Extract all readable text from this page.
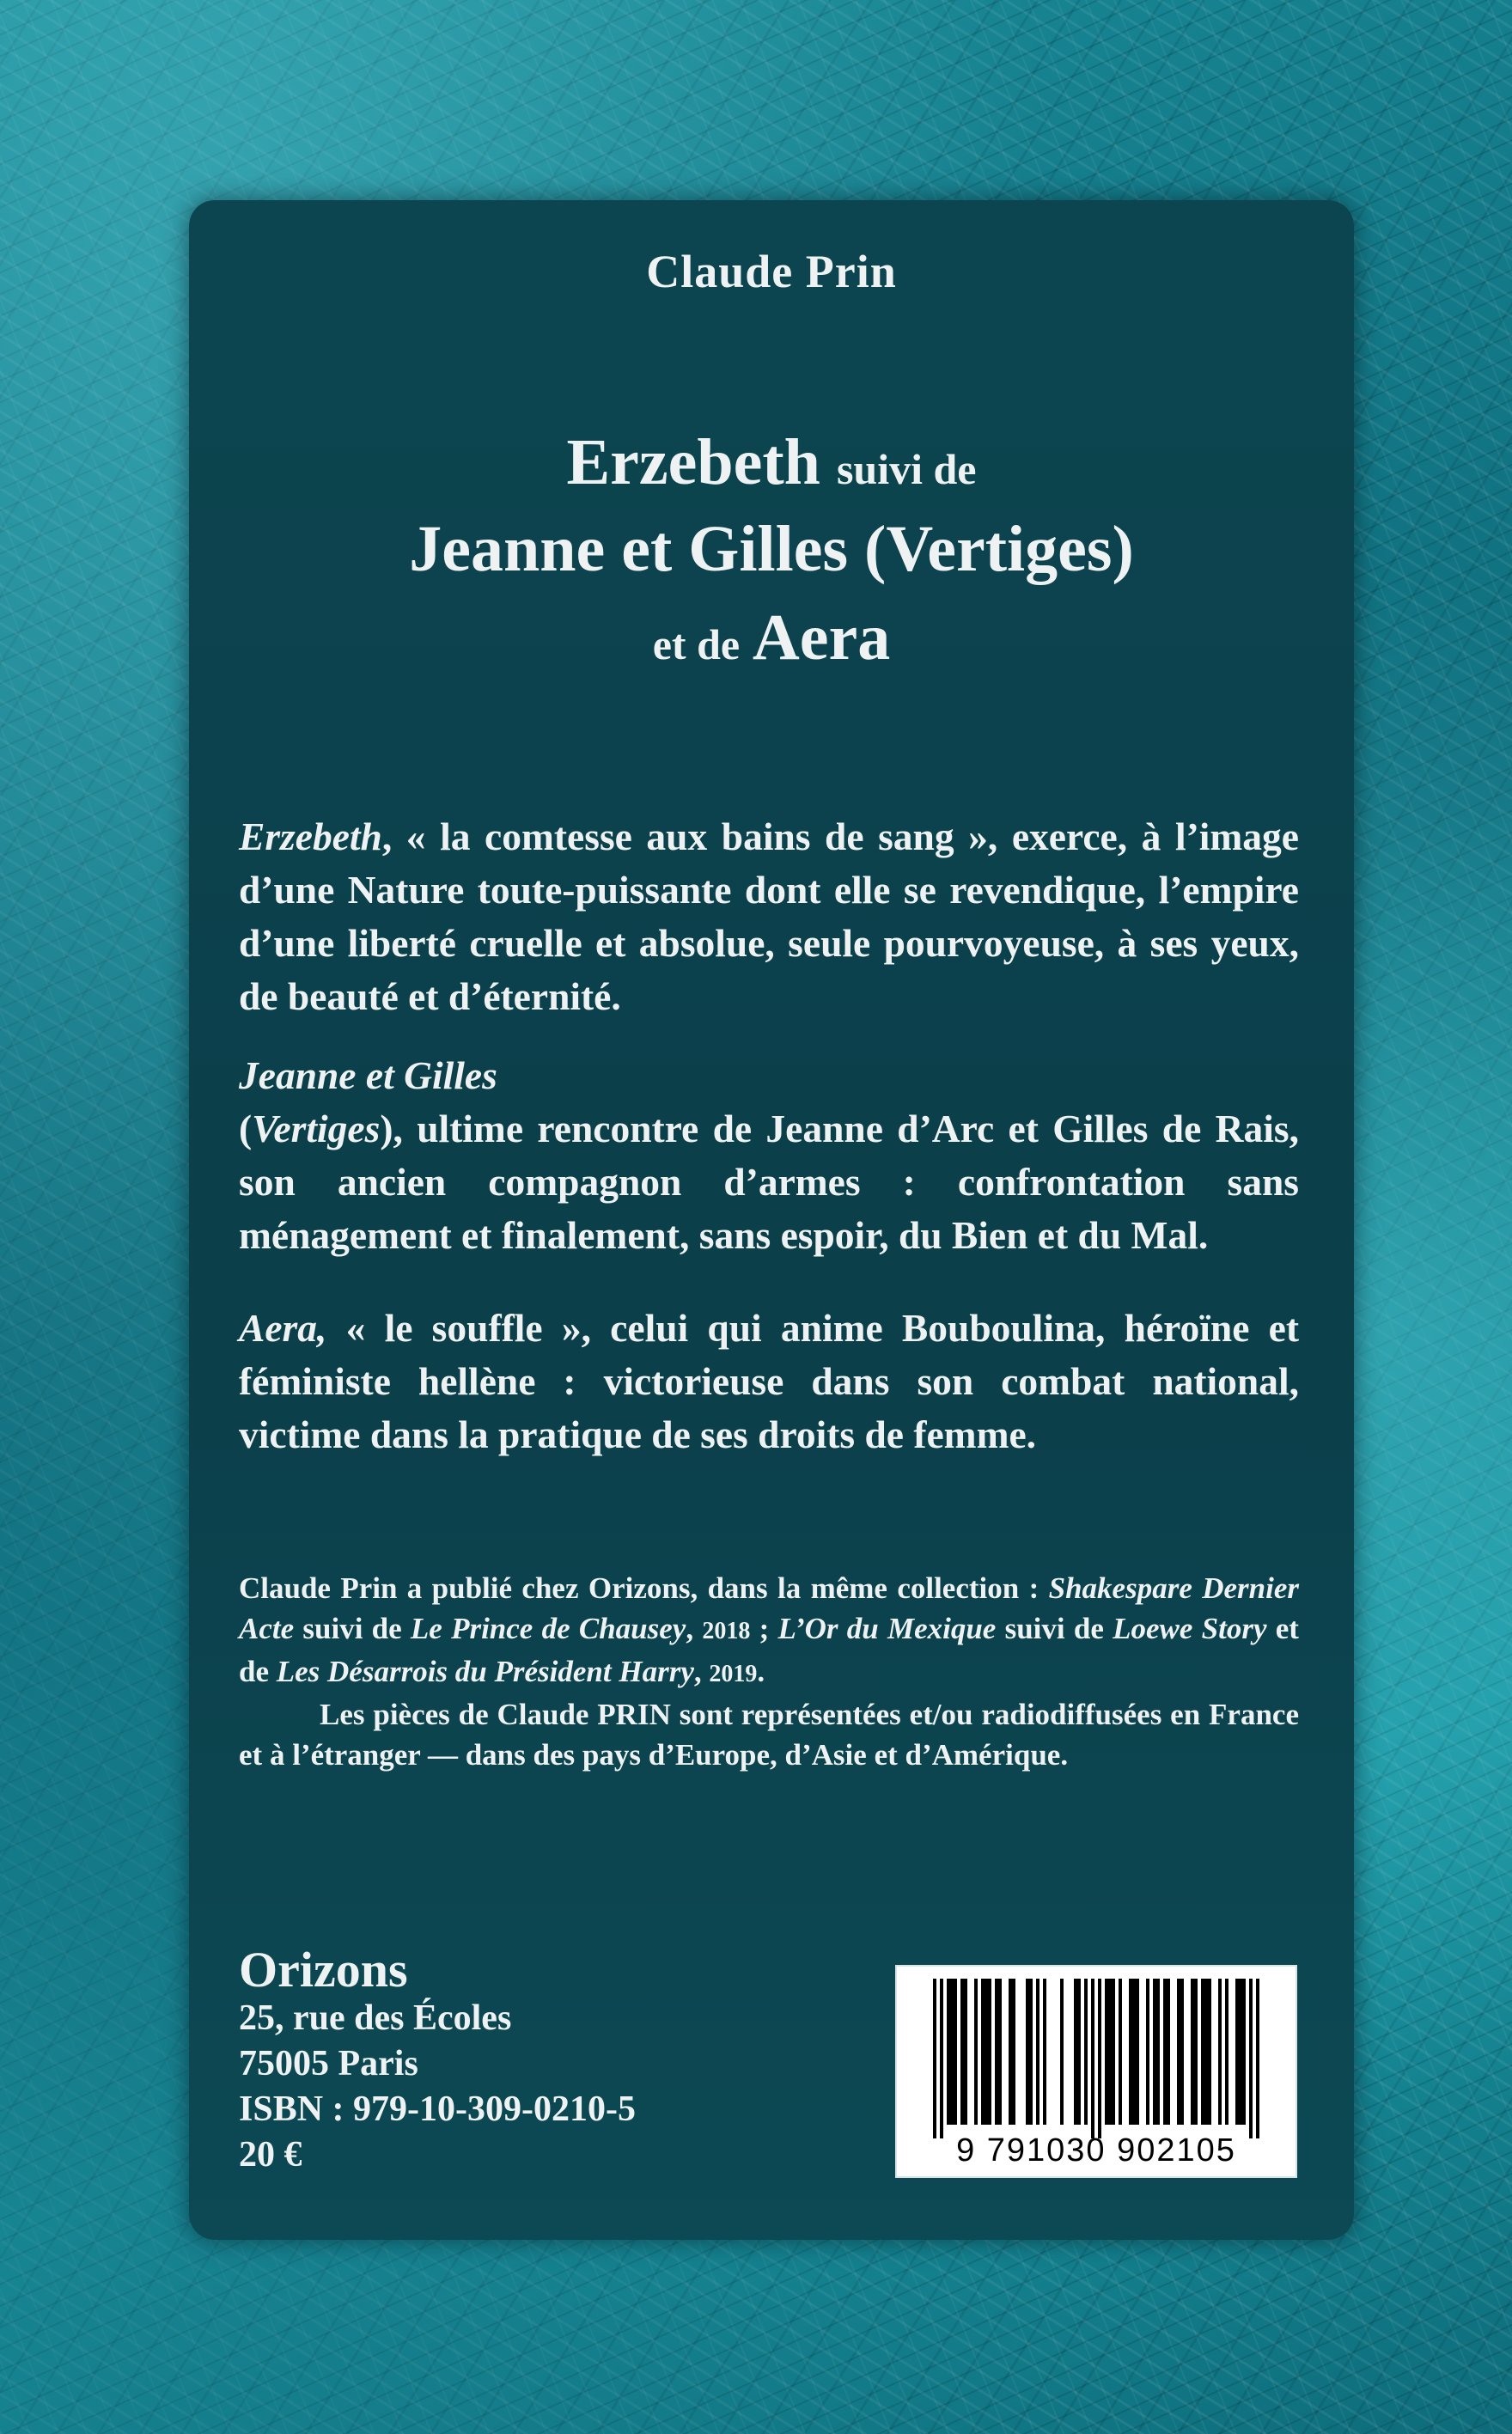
Claude Prin
Erzebeth suivi de
Jeanne et Gilles (Vertiges)
et de Aera
Erzebeth, « la comtesse aux bains de sang », exerce, à l’image d’une Nature toute-puissante dont elle se revendique, l’empire d’une liberté cruelle et absolue, seule pourvoyeuse, à ses yeux, de beauté et d’éternité.
Jeanne et Gilles
(Vertiges), ultime rencontre de Jeanne d’Arc et Gilles de Rais, son ancien compagnon d’armes : confrontation sans ménagement et finalement, sans espoir, du Bien et du Mal.
Aera, « le souffle », celui qui anime Bouboulina, héroïne et féministe hellène : victorieuse dans son combat national, victime dans la pratique de ses droits de femme.

Claude Prin a publié chez Orizons, dans la même collection : Shakespare Dernier Acte suivi de Le Prince de Chausey, 2018 ; L’Or du Mexique suivi de Loewe Story et de Les Désarrois du Président Harry, 2019.

Les pièces de Claude PRIN sont représentées et/ou radiodiffusées en France et à l’étranger — dans des pays d’Europe, d’Asie et d’Amérique.

Orizons
25, rue des Écoles
75005 Paris
ISBN : 979-10-309-0210-5
20 €	9 791030 902105
